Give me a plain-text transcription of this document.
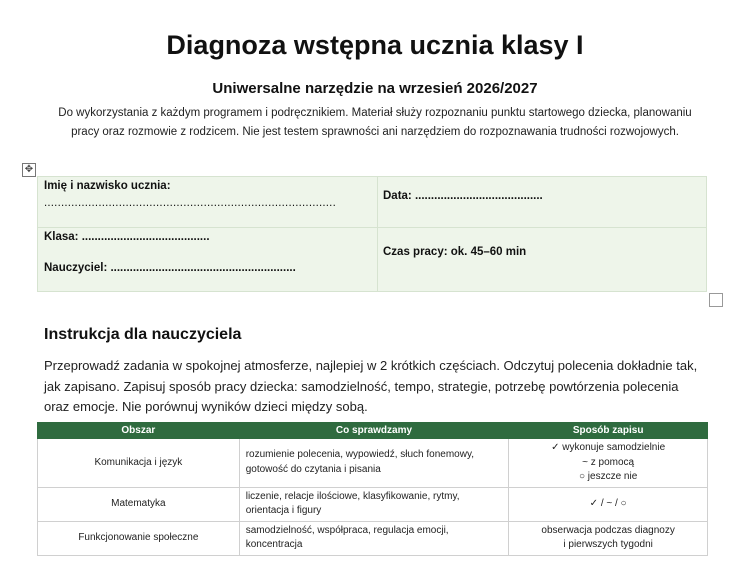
Diagnoza wstępna ucznia klasy I
Uniwersalne narzędzie na wrzesień 2026/2027
Do wykorzystania z każdym programem i podręcznikiem. Materiał służy rozpoznaniu punktu startowego dziecka, planowaniu pracy oraz rozmowie z rodzicem. Nie jest testem sprawności ani narzędziem do rozpoznawania trudności rozwojowych.
✥
Imię i nazwisko ucznia:
......................................................................................
Data: ........................................
Klasa: ........................................
Nauczyciel: ..........................................................
Czas pracy: ok. 45–60 min
Instrukcja dla nauczyciela
Przeprowadź zadania w spokojnej atmosferze, najlepiej w 2 krótkich częściach. Odczytuj polecenia dokładnie tak, jak zapisano. Zapisuj sposób pracy dziecka: samodzielność, tempo, strategie, potrzebę powtórzenia polecenia oraz emocje. Nie porównuj wyników dzieci między sobą.
Obszar	Co sprawdzamy	Sposób zapisu
Komunikacja i język	rozumienie polecenia, wypowiedź, słuch fonemowy, gotowość do czytania i pisania	✓ wykonuje samodzielnie
~ z pomocą
○ jeszcze nie

Matematyka	liczenie, relacje ilościowe, klasyfikowanie, rytmy, orientacja i figury	✓ / ~ / ○

Funkcjonowanie społeczne	samodzielność, współpraca, regulacja emocji, koncentracja	obserwacja podczas diagnozy
i pierwszych tygodni
